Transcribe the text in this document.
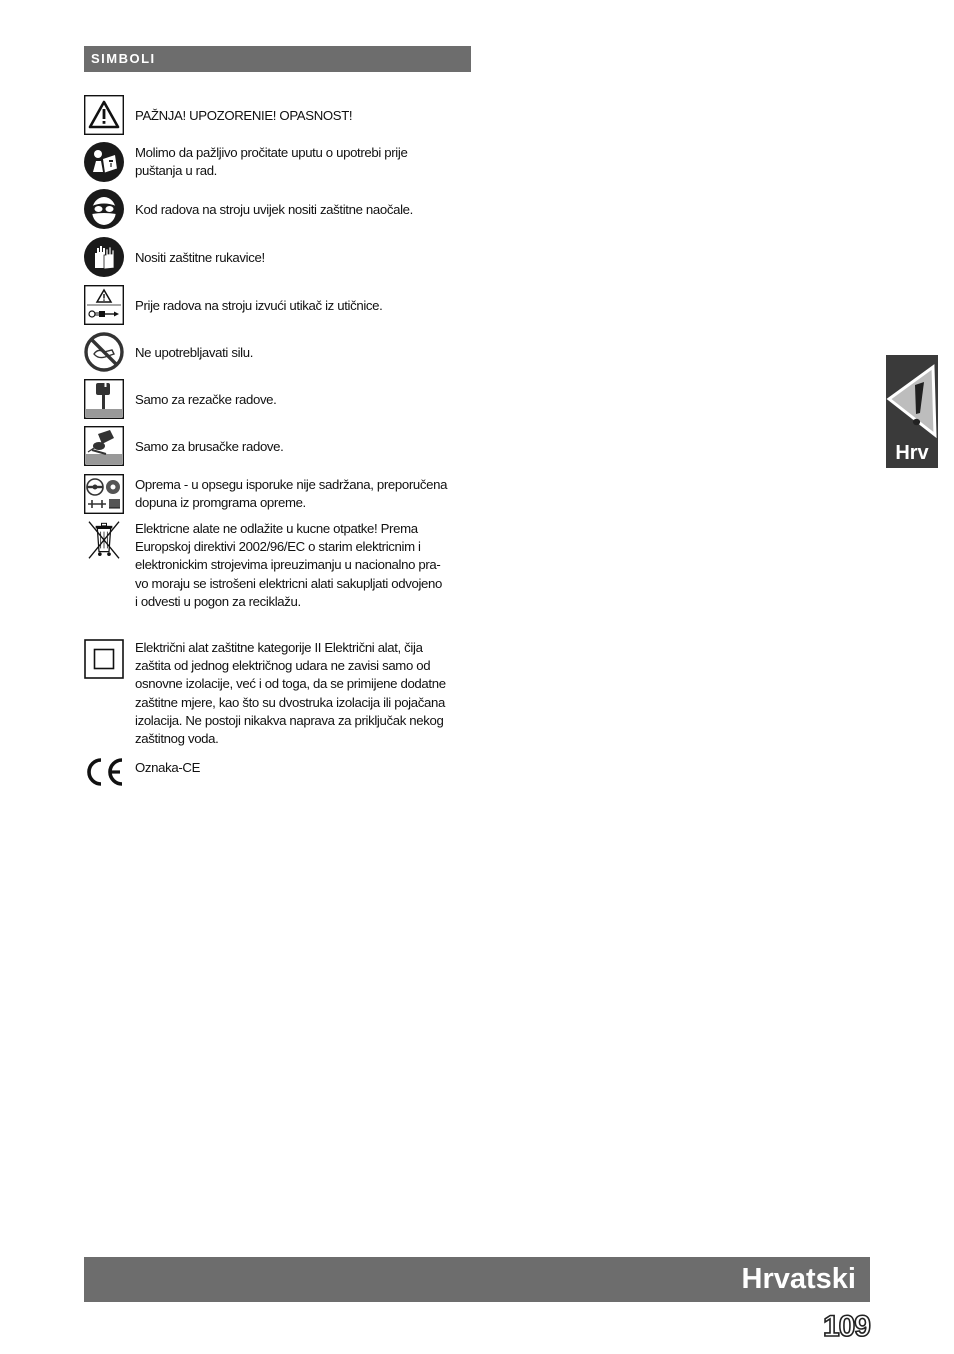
SIMBOLI
PAŽNJA! UPOZORENIE! OPASNOST!
Molimo da pažljivo pročitate uputu o upotrebi prije
puštanja u rad.
Kod radova na stroju uvijek nositi zaštitne naočale.
Nositi zaštitne rukavice!
Prije radova na stroju izvući utikač iz utičnice.
Ne upotrebljavati silu.
Samo za rezačke radove.
Samo za brusačke radove.
Oprema - u opsegu isporuke nije sadržana, preporučena
dopuna iz promgrama opreme.
Elektricne alate ne odlažite u kucne otpatke! Prema
Europskoj direktivi 2002/96/EC o starim elektricnim i
elektronickim strojevima ipreuzimanju u nacionalno pra-
vo moraju se istrošeni elektricni alati sakupljati odvojeno
i odvesti u pogon za reciklažu.
Električni alat zaštitne kategorije II Električni alat, čija
zaštita od jednog električnog udara ne zavisi samo od
osnovne izolacije, već i od toga, da se primijene dodatne
zaštitne mjere, kao što su dvostruka izolacija ili pojačana
izolacija. Ne postoji nikakva naprava za priključak nekog
zaštitnog voda.
Oznaka-CE
Hrv
Hrvatski
109
